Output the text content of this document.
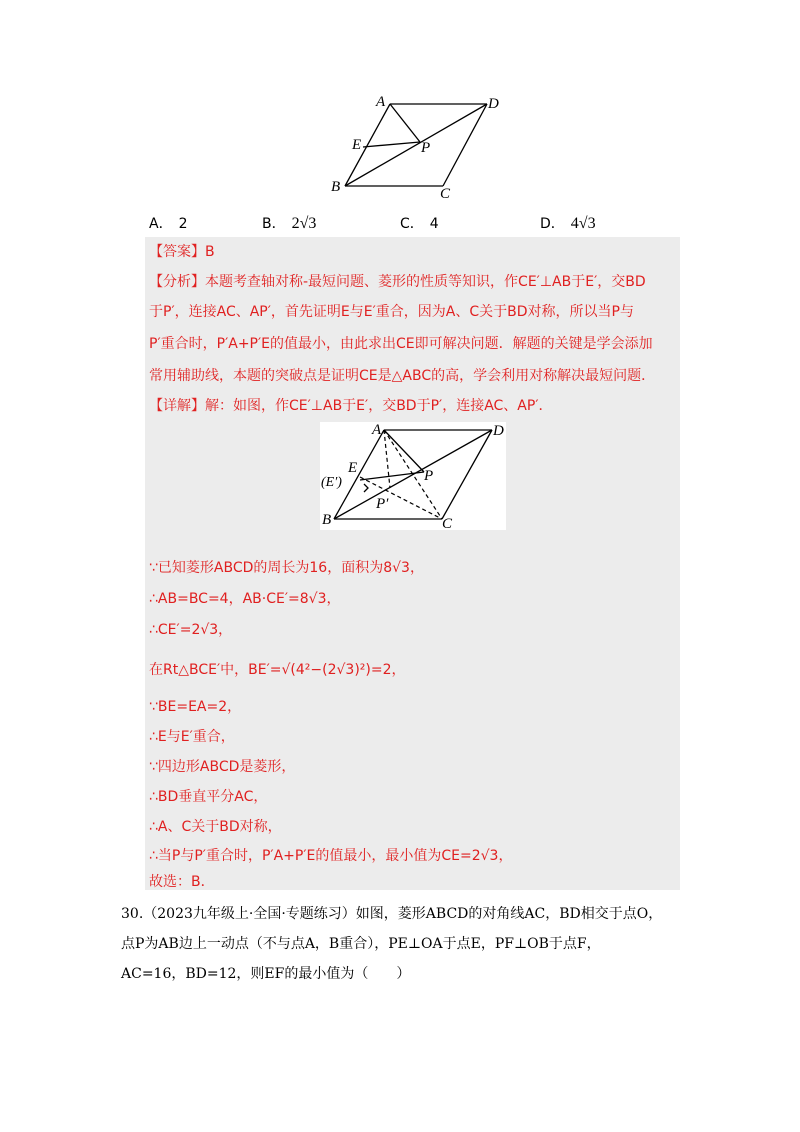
A	D
E	P
B	C
A． 2	B． 2√3	C． 4	D． 4√3
【答案】B
【分析】本题考查轴对称-最短问题、菱形的性质等知识，作CE′⊥AB于E′，交BD
于P′，连接AC、AP′，首先证明E与E′重合，因为A、C关于BD对称，所以当P与
P′重合时，P′A+P′E的值最小，由此求出CE即可解决问题．解题的关键是学会添加
常用辅助线，本题的突破点是证明CE是△ABC的高，学会利用对称解决最短问题．
【详解】解：如图，作CE′⊥AB于E′，交BD于P′，连接AC、AP′．
A	D
E
(E′)	P
P′
B	C
∵已知菱形ABCD的周长为16，面积为8√3，
∴AB=BC=4，AB·CE′=8√3，
∴CE′=2√3，
在Rt△BCE′中，BE′=√(4²−(2√3)²)=2，
∵BE=EA=2，
∴E与E′重合，
∵四边形ABCD是菱形，
∴BD垂直平分AC，
∴A、C关于BD对称，
∴当P与P′重合时，P′A+P′E的值最小，最小值为CE=2√3，
故选：B．
30.（2023九年级上·全国·专题练习）如图，菱形ABCD的对角线AC，BD相交于点O，
点P为AB边上一动点（不与点A，B重合），PE⊥OA于点E，PF⊥OB于点F，
AC=16，BD=12，则EF的最小值为（　　）
